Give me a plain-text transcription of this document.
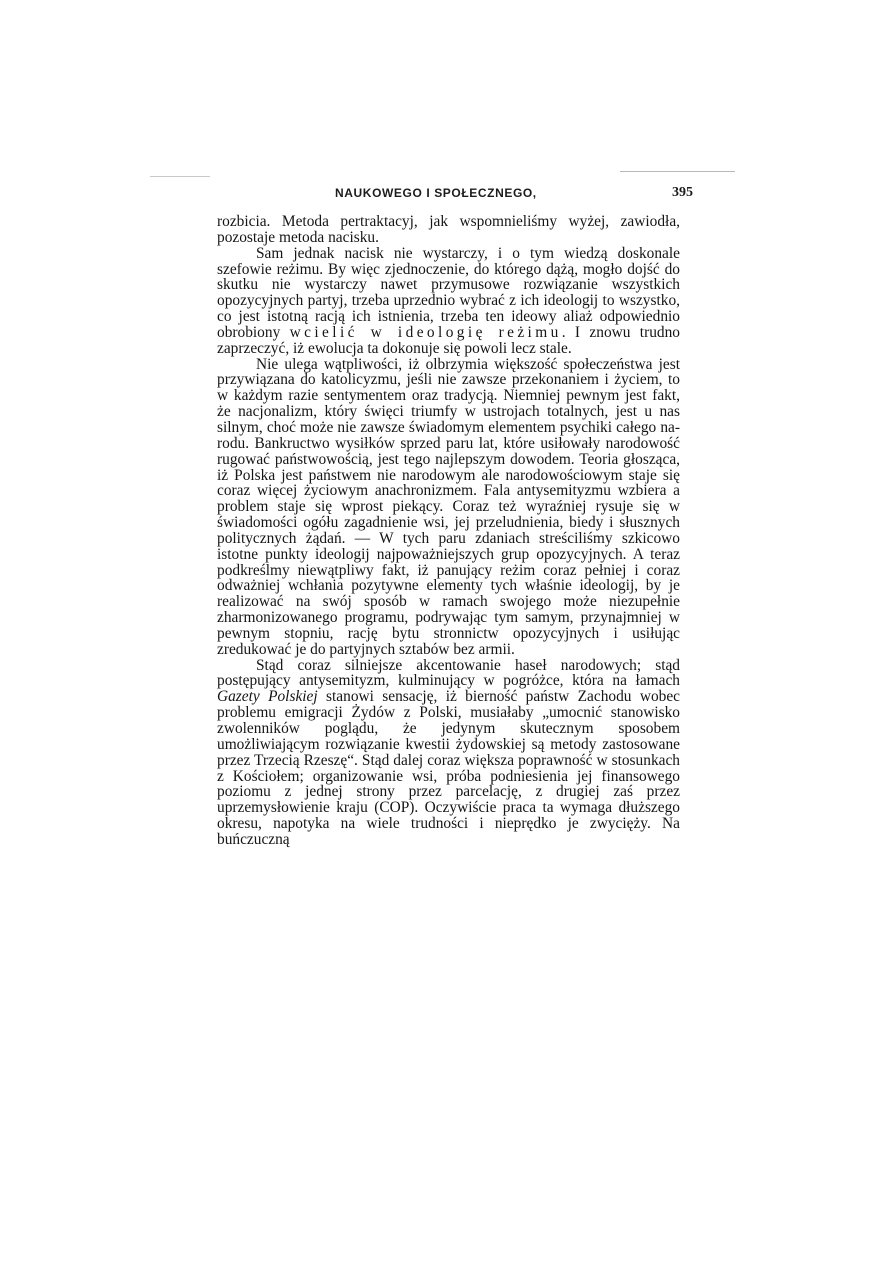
NAUKOWEGO I SPOŁECZNEGO,	395

rozbicia. Metoda pertraktacyj, jak wspomnieliśmy wyżej, zawiodła, pozostaje metoda nacisku.

Sam jednak nacisk nie wystarczy, i o tym wiedzą doskonale szefowie reżimu. By więc zjednoczenie, do którego dążą, mogło dojść do skutku nie wystarczy nawet przymusowe rozwiązanie wszystkich opozycyjnych partyj, trzeba uprzednio wybrać z ich ideologij to wszystko, co jest istotną racją ich istnienia, trzeba ten ideowy aliaż odpowiednio obrobiony wcielić w ideologię reżimu. I znowu trudno zaprzeczyć, iż ewolucja ta dokonuje się powoli lecz stale.

Nie ulega wątpliwości, iż olbrzymia większość społeczeństwa jest przywiązana do katolicyzmu, jeśli nie zawsze przekonaniem i życiem, to w każdym razie sentymentem oraz tradycją. Niemniej pewnym jest fakt, że nacjonalizm, który święci triumfy w ustrojach totalnych, jest u nas silnym, choć może nie zawsze świadomym elementem psychiki całego narodu. Bankructwo wysiłków sprzed paru lat, które usiłowały narodowość rugować państwowością, jest tego najlepszym dowodem. Teoria głosząca, iż Polska jest państwem nie narodowym ale narodowościowym staje się coraz więcej życiowym anachronizmem. Fala antysemityzmu wzbiera a problem staje się wprost piekący. Coraz też wyraźniej rysuje się w świadomości ogółu zagadnienie wsi, jej przeludnienia, biedy i słusznych politycznych żądań. — W tych paru zdaniach streściliśmy szkicowo istotne punkty ideologij najpoważniejszych grup opozycyjnych. A teraz podkreślmy niewątpliwy fakt, iż panujący reżim coraz pełniej i coraz odważniej wchłania pozytywne elementy tych właśnie ideologij, by je realizować na swój sposób w ramach swojego może niezupełnie zharmonizowanego programu, podrywając tym samym, przynajmniej w pewnym stopniu, rację bytu stronnictw opozycyjnych i usiłując zredukować je do partyjnych sztabów bez armii.

Stąd coraz silniejsze akcentowanie haseł narodowych; stąd postępujący antysemityzm, kulminujący w pogróżce, która na łamach Gazety Polskiej stanowi sensację, iż bierność państw Zachodu wobec problemu emigracji Żydów z Polski, musiałaby „umocnić stanowisko zwolenników poglądu, że jedynym skutecznym sposobem umożliwiającym rozwiązanie kwestii żydowskiej są metody zastosowane przez Trzecią Rzeszę“. Stąd dalej coraz większa poprawność w stosunkach z Kościołem; organizowanie wsi, próba podniesienia jej finansowego poziomu z jednej strony przez parcelację, z drugiej zaś przez uprzemysłowienie kraju (COP). Oczywiście praca ta wymaga dłuższego okresu, napotyka na wiele trudności i nieprędko je zwycięży. Na buńczuczną
